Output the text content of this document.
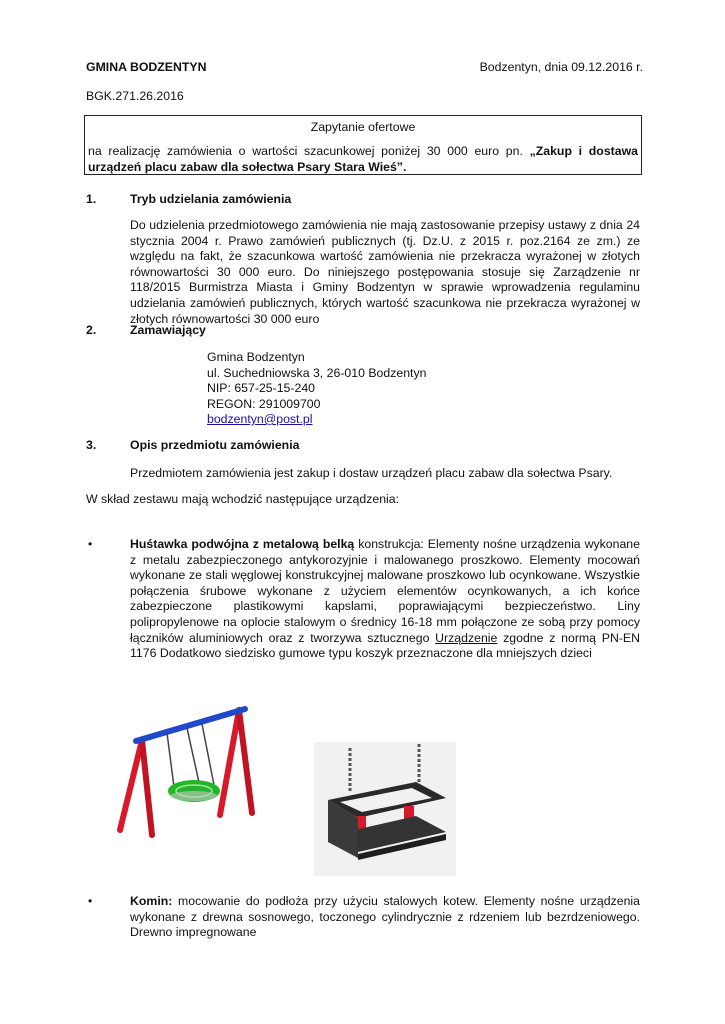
GMINA BODZENTYN	Bodzentyn, dnia 09.12.2016 r.
BGK.271.26.2016
Zapytanie ofertowe
na realizację zamówienia o wartości szacunkowej poniżej 30 000 euro pn. „Zakup i dostawa urządzeń placu zabaw dla sołectwa Psary Stara Wieś”.
1.	Tryb udzielania zamówienia
Do udzielenia przedmiotowego zamówienia nie mają zastosowanie przepisy ustawy z dnia 24 stycznia 2004 r. Prawo zamówień publicznych (tj. Dz.U. z 2015 r. poz.2164 ze zm.) ze względu na fakt, że szacunkowa wartość zamówienia nie przekracza wyrażonej w złotych równowartości 30 000 euro. Do niniejszego postępowania stosuje się Zarządzenie nr 118/2015 Burmistrza Miasta i Gminy Bodzentyn w sprawie wprowadzenia regulaminu udzielania zamówień publicznych, których wartość szacunkowa nie przekracza wyrażonej w złotych równowartości 30 000 euro
2.	Zamawiający
Gmina Bodzentyn
ul. Suchedniowska 3, 26-010 Bodzentyn
NIP: 657-25-15-240
REGON: 291009700
bodzentyn@post.pl
3.	Opis przedmiotu zamówienia
Przedmiotem zamówienia jest zakup i dostaw urządzeń placu zabaw dla sołectwa Psary.
W skład zestawu mają wchodzić następujące urządzenia:
•	Huśtawka podwójna z metalową belką konstrukcja: Elementy nośne urządzenia wykonane z metalu zabezpieczonego antykorozyjnie i malowanego proszkowo. Elementy mocowań wykonane ze stali węglowej konstrukcyjnej malowane proszkowo lub ocynkowane. Wszystkie połączenia śrubowe wykonane z użyciem elementów ocynkowanych, a ich końce zabezpieczone plastikowymi kapslami, poprawiającymi bezpieczeństwo. Liny polipropylenowe na oplocie stalowym o średnicy 16-18 mm połączone ze sobą przy pomocy łączników aluminiowych oraz z tworzywa sztucznego Urządzenie zgodne z normą PN-EN 1176 Dodatkowo siedzisko gumowe typu koszyk przeznaczone dla mniejszych dzieci
•	Komin: mocowanie do podłoża przy użyciu stalowych kotew. Elementy nośne urządzenia wykonane z drewna sosnowego, toczonego cylindrycznie z rdzeniem lub bezrdzeniowego. Drewno impregnowane
